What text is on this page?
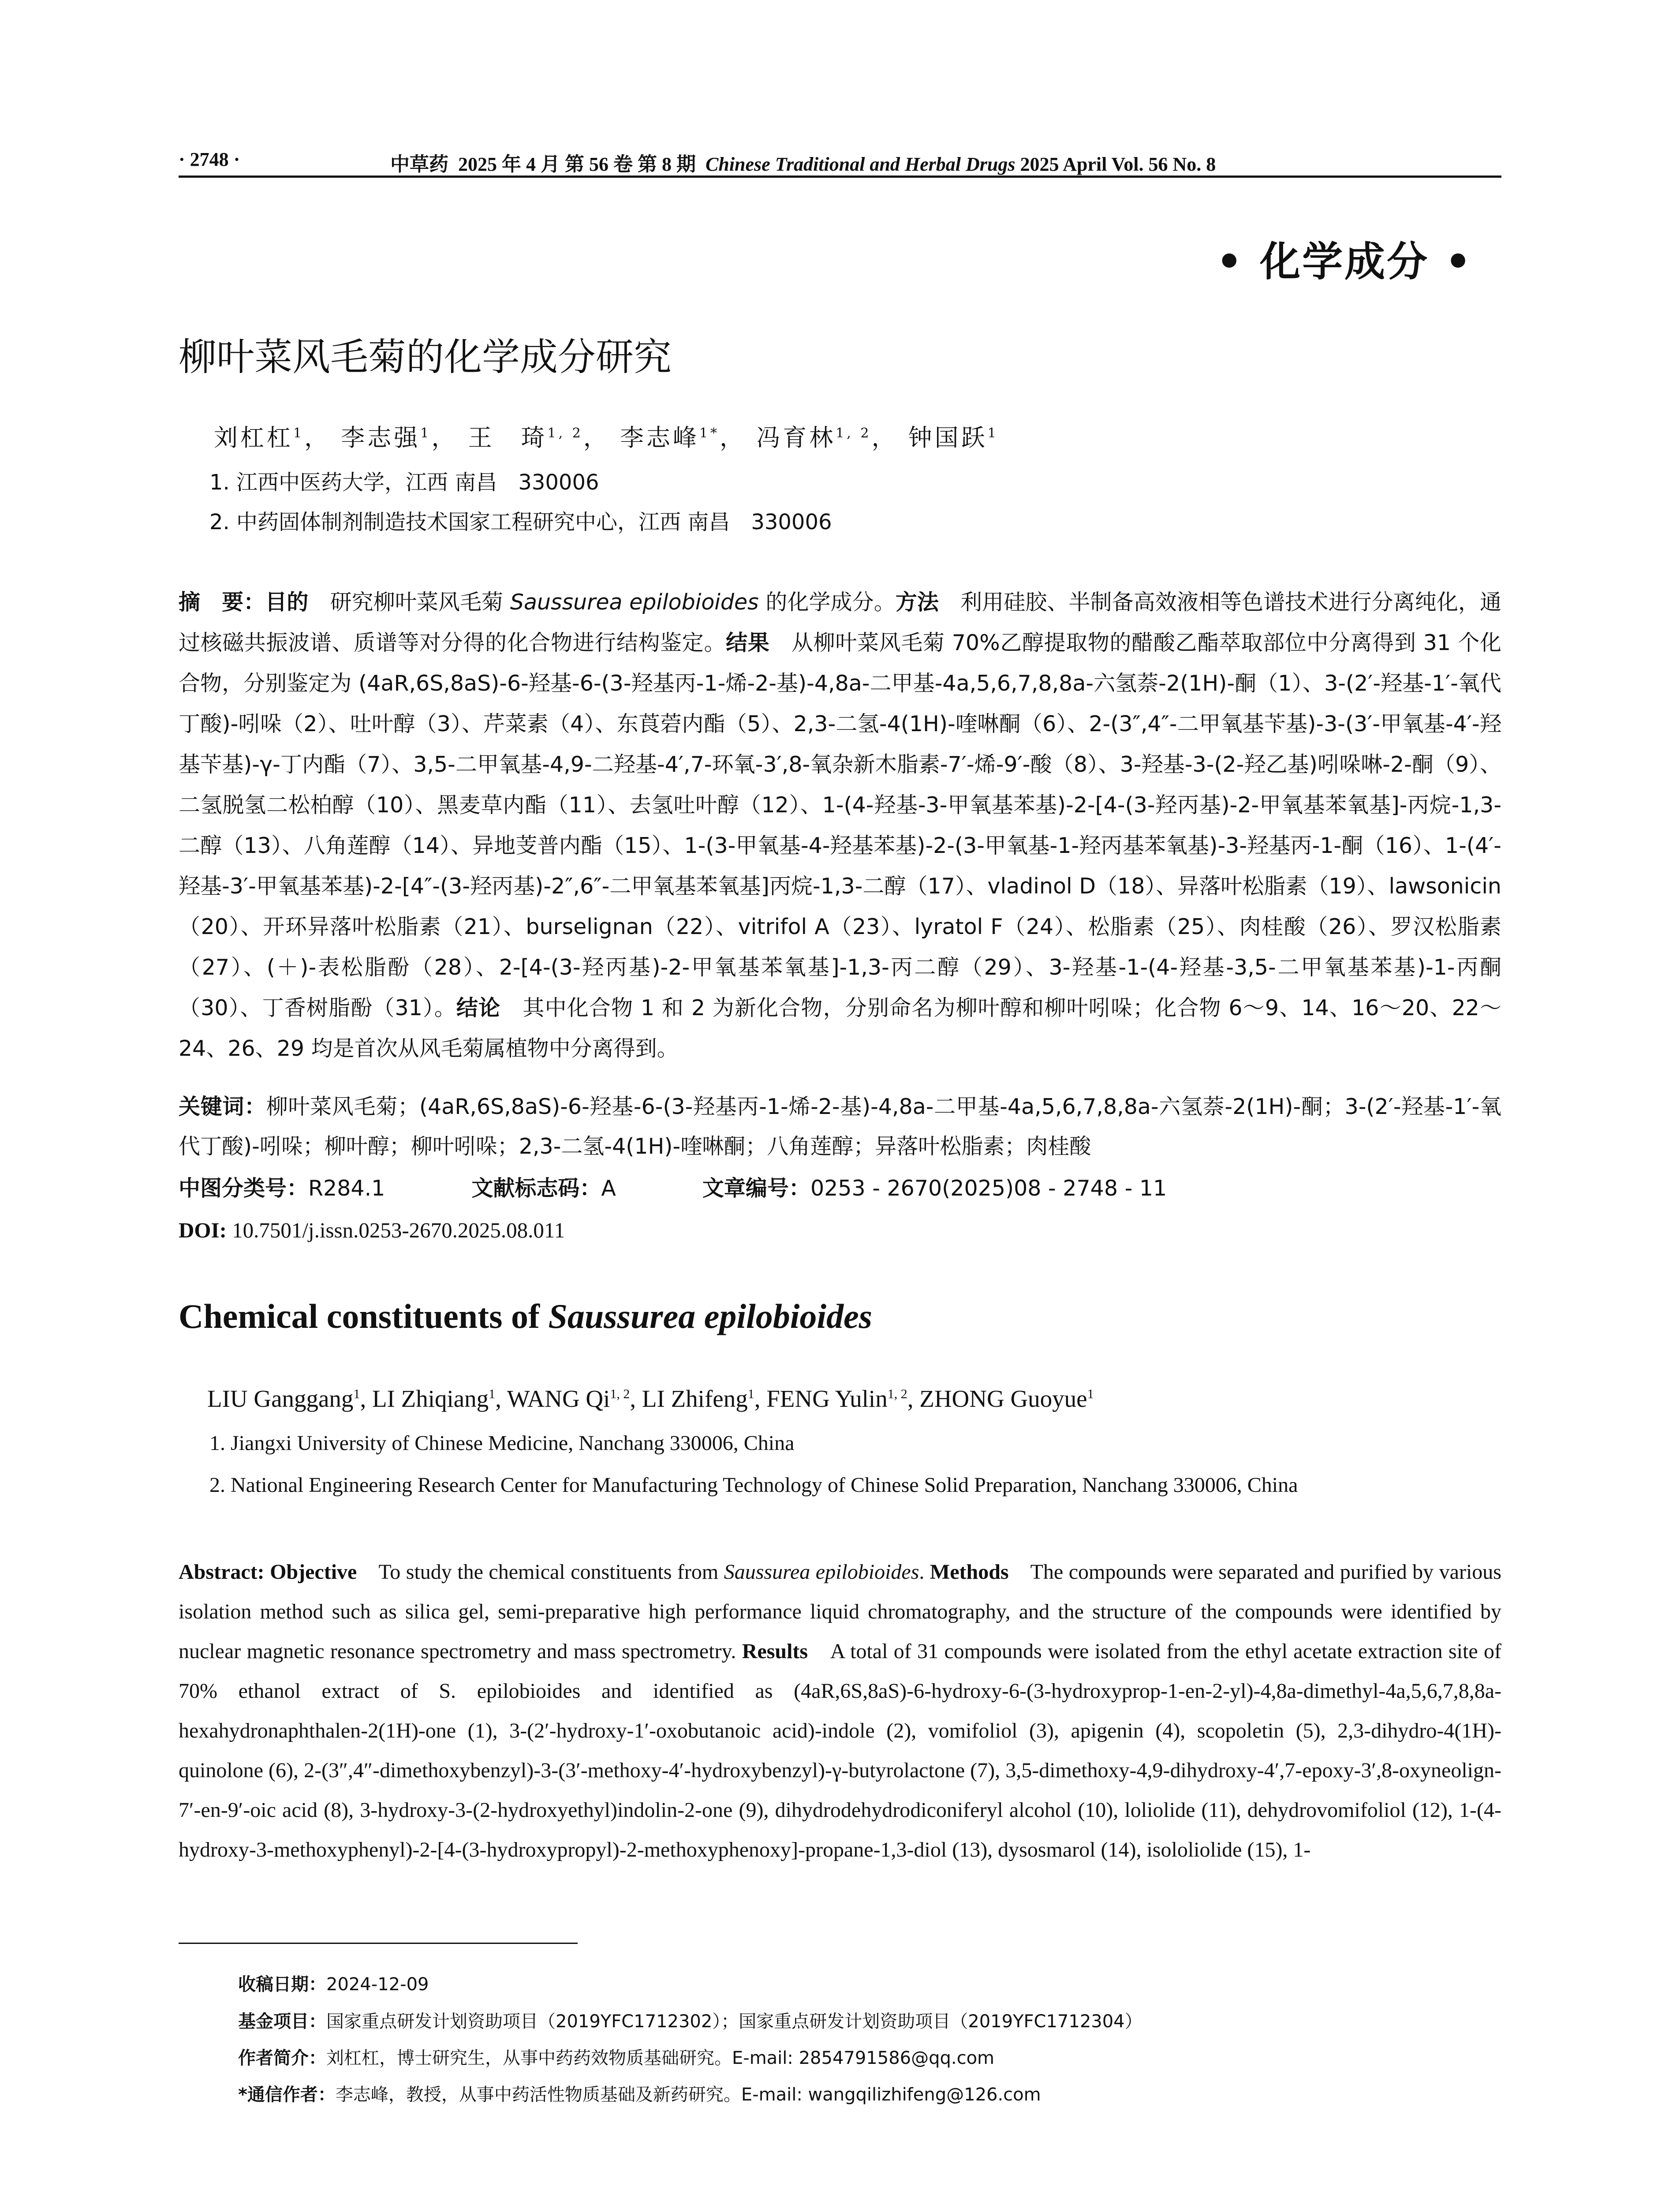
· 2748 ·	中草药 2025 年 4 月 第 56 卷 第 8 期 Chinese Traditional and Herbal Drugs 2025 April Vol. 56 No. 8
• 化学成分 •
柳叶菜风毛菊的化学成分研究
刘杠杠$^1$， 李志强$^1$， 王　琦$^{1, 2}$， 李志峰$^{1*}$， 冯育林$^{1, 2}$， 钟国跃$^1$
1. 江西中医药大学，江西 南昌　330006
2. 中药固体制剂制造技术国家工程研究中心，江西 南昌　330006
摘　要：目的　研究柳叶菜风毛菊 Saussurea epilobioides 的化学成分。方法　利用硅胶、半制备高效液相等色谱技术进行分离纯化，通过核磁共振波谱、质谱等对分得的化合物进行结构鉴定。结果　从柳叶菜风毛菊 70%乙醇提取物的醋酸乙酯萃取部位中分离得到 31 个化合物，分别鉴定为 (4aR,6S,8aS)-6-羟基-6-(3-羟基丙-1-烯-2-基)-4,8a-二甲基-4a,5,6,7,8,8a-六氢萘-2(1H)-酮（1）、3-(2′-羟基-1′-氧代丁酸)-吲哚（2）、吐叶醇（3）、芹菜素（4）、东莨菪内酯（5）、2,3-二氢-4(1H)-喹啉酮（6）、2-(3″,4″-二甲氧基苄基)-3-(3′-甲氧基-4′-羟基苄基)-γ-丁内酯（7）、3,5-二甲氧基-4,9-二羟基-4′,7-环氧-3′,8-氧杂新木脂素-7′-烯-9′-酸（8）、3-羟基-3-(2-羟乙基)吲哚啉-2-酮（9）、二氢脱氢二松柏醇（10）、黑麦草内酯（11）、去氢吐叶醇（12）、1-(4-羟基-3-甲氧基苯基)-2-[4-(3-羟丙基)-2-甲氧基苯氧基]-丙烷-1,3-二醇（13）、八角莲醇（14）、异地芰普内酯（15）、1-(3-甲氧基-4-羟基苯基)-2-(3-甲氧基-1-羟丙基苯氧基)-3-羟基丙-1-酮（16）、1-(4′-羟基-3′-甲氧基苯基)-2-[4″-(3-羟丙基)-2″,6″-二甲氧基苯氧基]丙烷-1,3-二醇（17）、vladinol D（18）、异落叶松脂素（19）、lawsonicin（20）、开环异落叶松脂素（21）、burselignan（22）、vitrifol A（23）、lyratol F（24）、松脂素（25）、肉桂酸（26）、罗汉松脂素（27）、(＋)-表松脂酚（28）、2-[4-(3-羟丙基)-2-甲氧基苯氧基]-1,3-丙二醇（29）、3-羟基-1-(4-羟基-3,5-二甲氧基苯基)-1-丙酮（30）、丁香树脂酚（31）。结论　其中化合物 1 和 2 为新化合物，分别命名为柳叶醇和柳叶吲哚；化合物 6～9、14、16～20、22～24、26、29 均是首次从风毛菊属植物中分离得到。
关键词：柳叶菜风毛菊；(4aR,6S,8aS)-6-羟基-6-(3-羟基丙-1-烯-2-基)-4,8a-二甲基-4a,5,6,7,8,8a-六氢萘-2(1H)-酮；3-(2′-羟基-1′-氧代丁酸)-吲哚；柳叶醇；柳叶吲哚；2,3-二氢-4(1H)-喹啉酮；八角莲醇；异落叶松脂素；肉桂酸
中图分类号：R284.1　　　　	文献标志码：A　　　　	文章编号：0253 - 2670(2025)08 - 2748 - 11
DOI: 10.7501/j.issn.0253-2670.2025.08.011
Chemical constituents of Saussurea epilobioides
LIU Ganggang$^1$, LI Zhiqiang$^1$, WANG Qi$^{1, 2}$, LI Zhifeng$^1$, FENG Yulin$^{1, 2}$, ZHONG Guoyue$^1$
1. Jiangxi University of Chinese Medicine, Nanchang 330006, China
2. National Engineering Research Center for Manufacturing Technology of Chinese Solid Preparation, Nanchang 330006, China
Abstract: Objective　To study the chemical constituents from Saussurea epilobioides. Methods　The compounds were separated and purified by various isolation method such as silica gel, semi-preparative high performance liquid chromatography, and the structure of the compounds were identified by nuclear magnetic resonance spectrometry and mass spectrometry. Results　A total of 31 compounds were isolated from the ethyl acetate extraction site of 70% ethanol extract of S. epilobioides and identified as (4aR,6S,8aS)-6-hydroxy-6-(3-hydroxyprop-1-en-2-yl)-4,8a-dimethyl-4a,5,6,7,8,8a-hexahydronaphthalen-2(1H)-one (1), 3-(2′-hydroxy-1′-oxobutanoic acid)-indole (2), vomifoliol (3), apigenin (4), scopoletin (5), 2,3-dihydro-4(1H)-quinolone (6), 2-(3″,4″-dimethoxybenzyl)-3-(3′-methoxy-4′-hydroxybenzyl)-γ-butyrolactone (7), 3,5-dimethoxy-4,9-dihydroxy-4′,7-epoxy-3′,8-oxyneolign- 7′-en-9′-oic acid (8), 3-hydroxy-3-(2-hydroxyethyl)indolin-2-one (9), dihydrodehydrodiconiferyl alcohol (10), loliolide (11), dehydrovomifoliol (12), 1-(4-hydroxy-3-methoxyphenyl)-2-[4-(3-hydroxypropyl)-2-methoxyphenoxy]-propane-1,3-diol (13), dysosmarol (14), isololiolide (15), 1-
收稿日期：2024-12-09
基金项目：国家重点研发计划资助项目（2019YFC1712302）；国家重点研发计划资助项目（2019YFC1712304）
作者简介：刘杠杠，博士研究生，从事中药药效物质基础研究。E-mail: 2854791586@qq.com
*通信作者：李志峰，教授，从事中药活性物质基础及新药研究。E-mail: wangqilizhifeng@126.com
